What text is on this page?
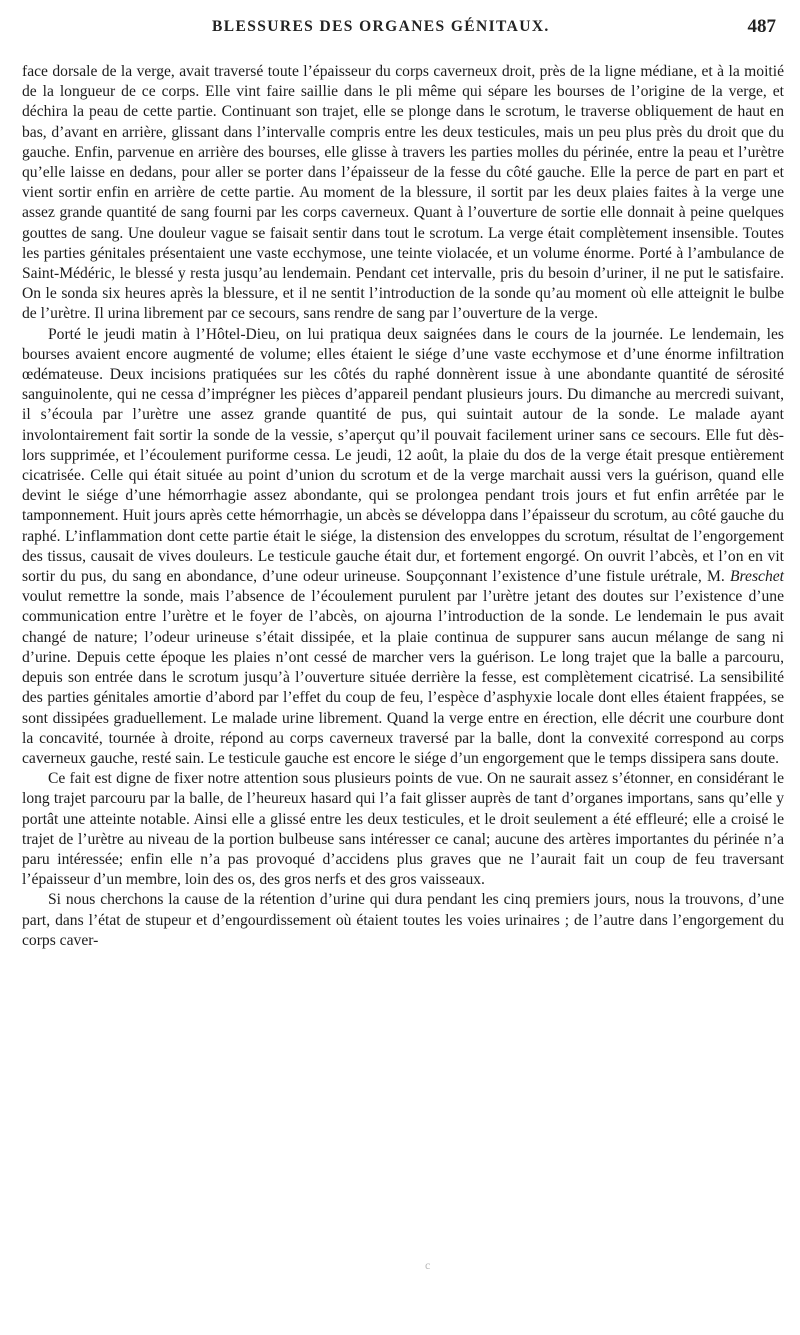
BLESSURES DES ORGANES GÉNITAUX.	487

face dorsale de la verge, avait traversé toute l’épaisseur du corps caverneux droit, près de la ligne médiane, et à la moitié de la longueur de ce corps. Elle vint faire saillie dans le pli même qui sépare les bourses de l’origine de la verge, et déchira la peau de cette partie. Continuant son trajet, elle se plonge dans le scrotum, le traverse obliquement de haut en bas, d’avant en arrière, glissant dans l’intervalle compris entre les deux testicules, mais un peu plus près du droit que du gauche. Enfin, parvenue en arrière des bourses, elle glisse à travers les parties molles du périnée, entre la peau et l’urètre qu’elle laisse en dedans, pour aller se porter dans l’épaisseur de la fesse du côté gauche. Elle la perce de part en part et vient sortir enfin en arrière de cette partie. Au moment de la blessure, il sortit par les deux plaies faites à la verge une assez grande quantité de sang fourni par les corps caverneux. Quant à l’ouverture de sortie elle donnait à peine quelques gouttes de sang. Une douleur vague se faisait sentir dans tout le scrotum. La verge était complètement insensible. Toutes les parties génitales présentaient une vaste ecchymose, une teinte violacée, et un volume énorme. Porté à l’ambulance de Saint-Médéric, le blessé y resta jusqu’au lendemain. Pendant cet intervalle, pris du besoin d’uriner, il ne put le satisfaire. On le sonda six heures après la blessure, et il ne sentit l’introduction de la sonde qu’au moment où elle atteignit le bulbe de l’urètre. Il urina librement par ce secours, sans rendre de sang par l’ouverture de la verge.

Porté le jeudi matin à l’Hôtel-Dieu, on lui pratiqua deux saignées dans le cours de la journée. Le lendemain, les bourses avaient encore augmenté de volume; elles étaient le siége d’une vaste ecchymose et d’une énorme infiltration œdémateuse. Deux incisions pratiquées sur les côtés du raphé donnèrent issue à une abondante quantité de sérosité sanguinolente, qui ne cessa d’imprégner les pièces d’appareil pendant plusieurs jours. Du dimanche au mercredi suivant, il s’écoula par l’urètre une assez grande quantité de pus, qui suintait autour de la sonde. Le malade ayant involontairement fait sortir la sonde de la vessie, s’aperçut qu’il pouvait facilement uriner sans ce secours. Elle fut dès-lors supprimée, et l’écoulement puriforme cessa. Le jeudi, 12 août, la plaie du dos de la verge était presque entièrement cicatrisée. Celle qui était située au point d’union du scrotum et de la verge marchait aussi vers la guérison, quand elle devint le siége d’une hémorrhagie assez abondante, qui se prolongea pendant trois jours et fut enfin arrêtée par le tamponnement. Huit jours après cette hémorrhagie, un abcès se développa dans l’épaisseur du scrotum, au côté gauche du raphé. L’inflammation dont cette partie était le siége, la distension des enveloppes du scrotum, résultat de l’engorgement des tissus, causait de vives douleurs. Le testicule gauche était dur, et fortement engorgé. On ouvrit l’abcès, et l’on en vit sortir du pus, du sang en abondance, d’une odeur urineuse. Soupçonnant l’existence d’une fistule urétrale, M. Breschet voulut remettre la sonde, mais l’absence de l’écoulement purulent par l’urètre jetant des doutes sur l’existence d’une communication entre l’urètre et le foyer de l’abcès, on ajourna l’introduction de la sonde. Le lendemain le pus avait changé de nature; l’odeur urineuse s’était dissipée, et la plaie continua de suppurer sans aucun mélange de sang ni d’urine. Depuis cette époque les plaies n’ont cessé de marcher vers la guérison. Le long trajet que la balle a parcouru, depuis son entrée dans le scrotum jusqu’à l’ouverture située derrière la fesse, est complètement cicatrisé. La sensibilité des parties génitales amortie d’abord par l’effet du coup de feu, l’espèce d’asphyxie locale dont elles étaient frappées, se sont dissipées graduellement. Le malade urine librement. Quand la verge entre en érection, elle décrit une courbure dont la concavité, tournée à droite, répond au corps caverneux traversé par la balle, dont la convexité correspond au corps caverneux gauche, resté sain. Le testicule gauche est encore le siége d’un engorgement que le temps dissipera sans doute.

Ce fait est digne de fixer notre attention sous plusieurs points de vue. On ne saurait assez s’étonner, en considérant le long trajet parcouru par la balle, de l’heureux hasard qui l’a fait glisser auprès de tant d’organes importans, sans qu’elle y portât une atteinte notable. Ainsi elle a glissé entre les deux testicules, et le droit seulement a été effleuré; elle a croisé le trajet de l’urètre au niveau de la portion bulbeuse sans intéresser ce canal; aucune des artères importantes du périnée n’a paru intéressée; enfin elle n’a pas provoqué d’accidens plus graves que ne l’aurait fait un coup de feu traversant l’épaisseur d’un membre, loin des os, des gros nerfs et des gros vaisseaux.

Si nous cherchons la cause de la rétention d’urine qui dura pendant les cinq premiers jours, nous la trouvons, d’une part, dans l’état de stupeur et d’engourdissement où étaient toutes les voies urinaires ; de l’autre dans l’engorgement du corps caver-

c
